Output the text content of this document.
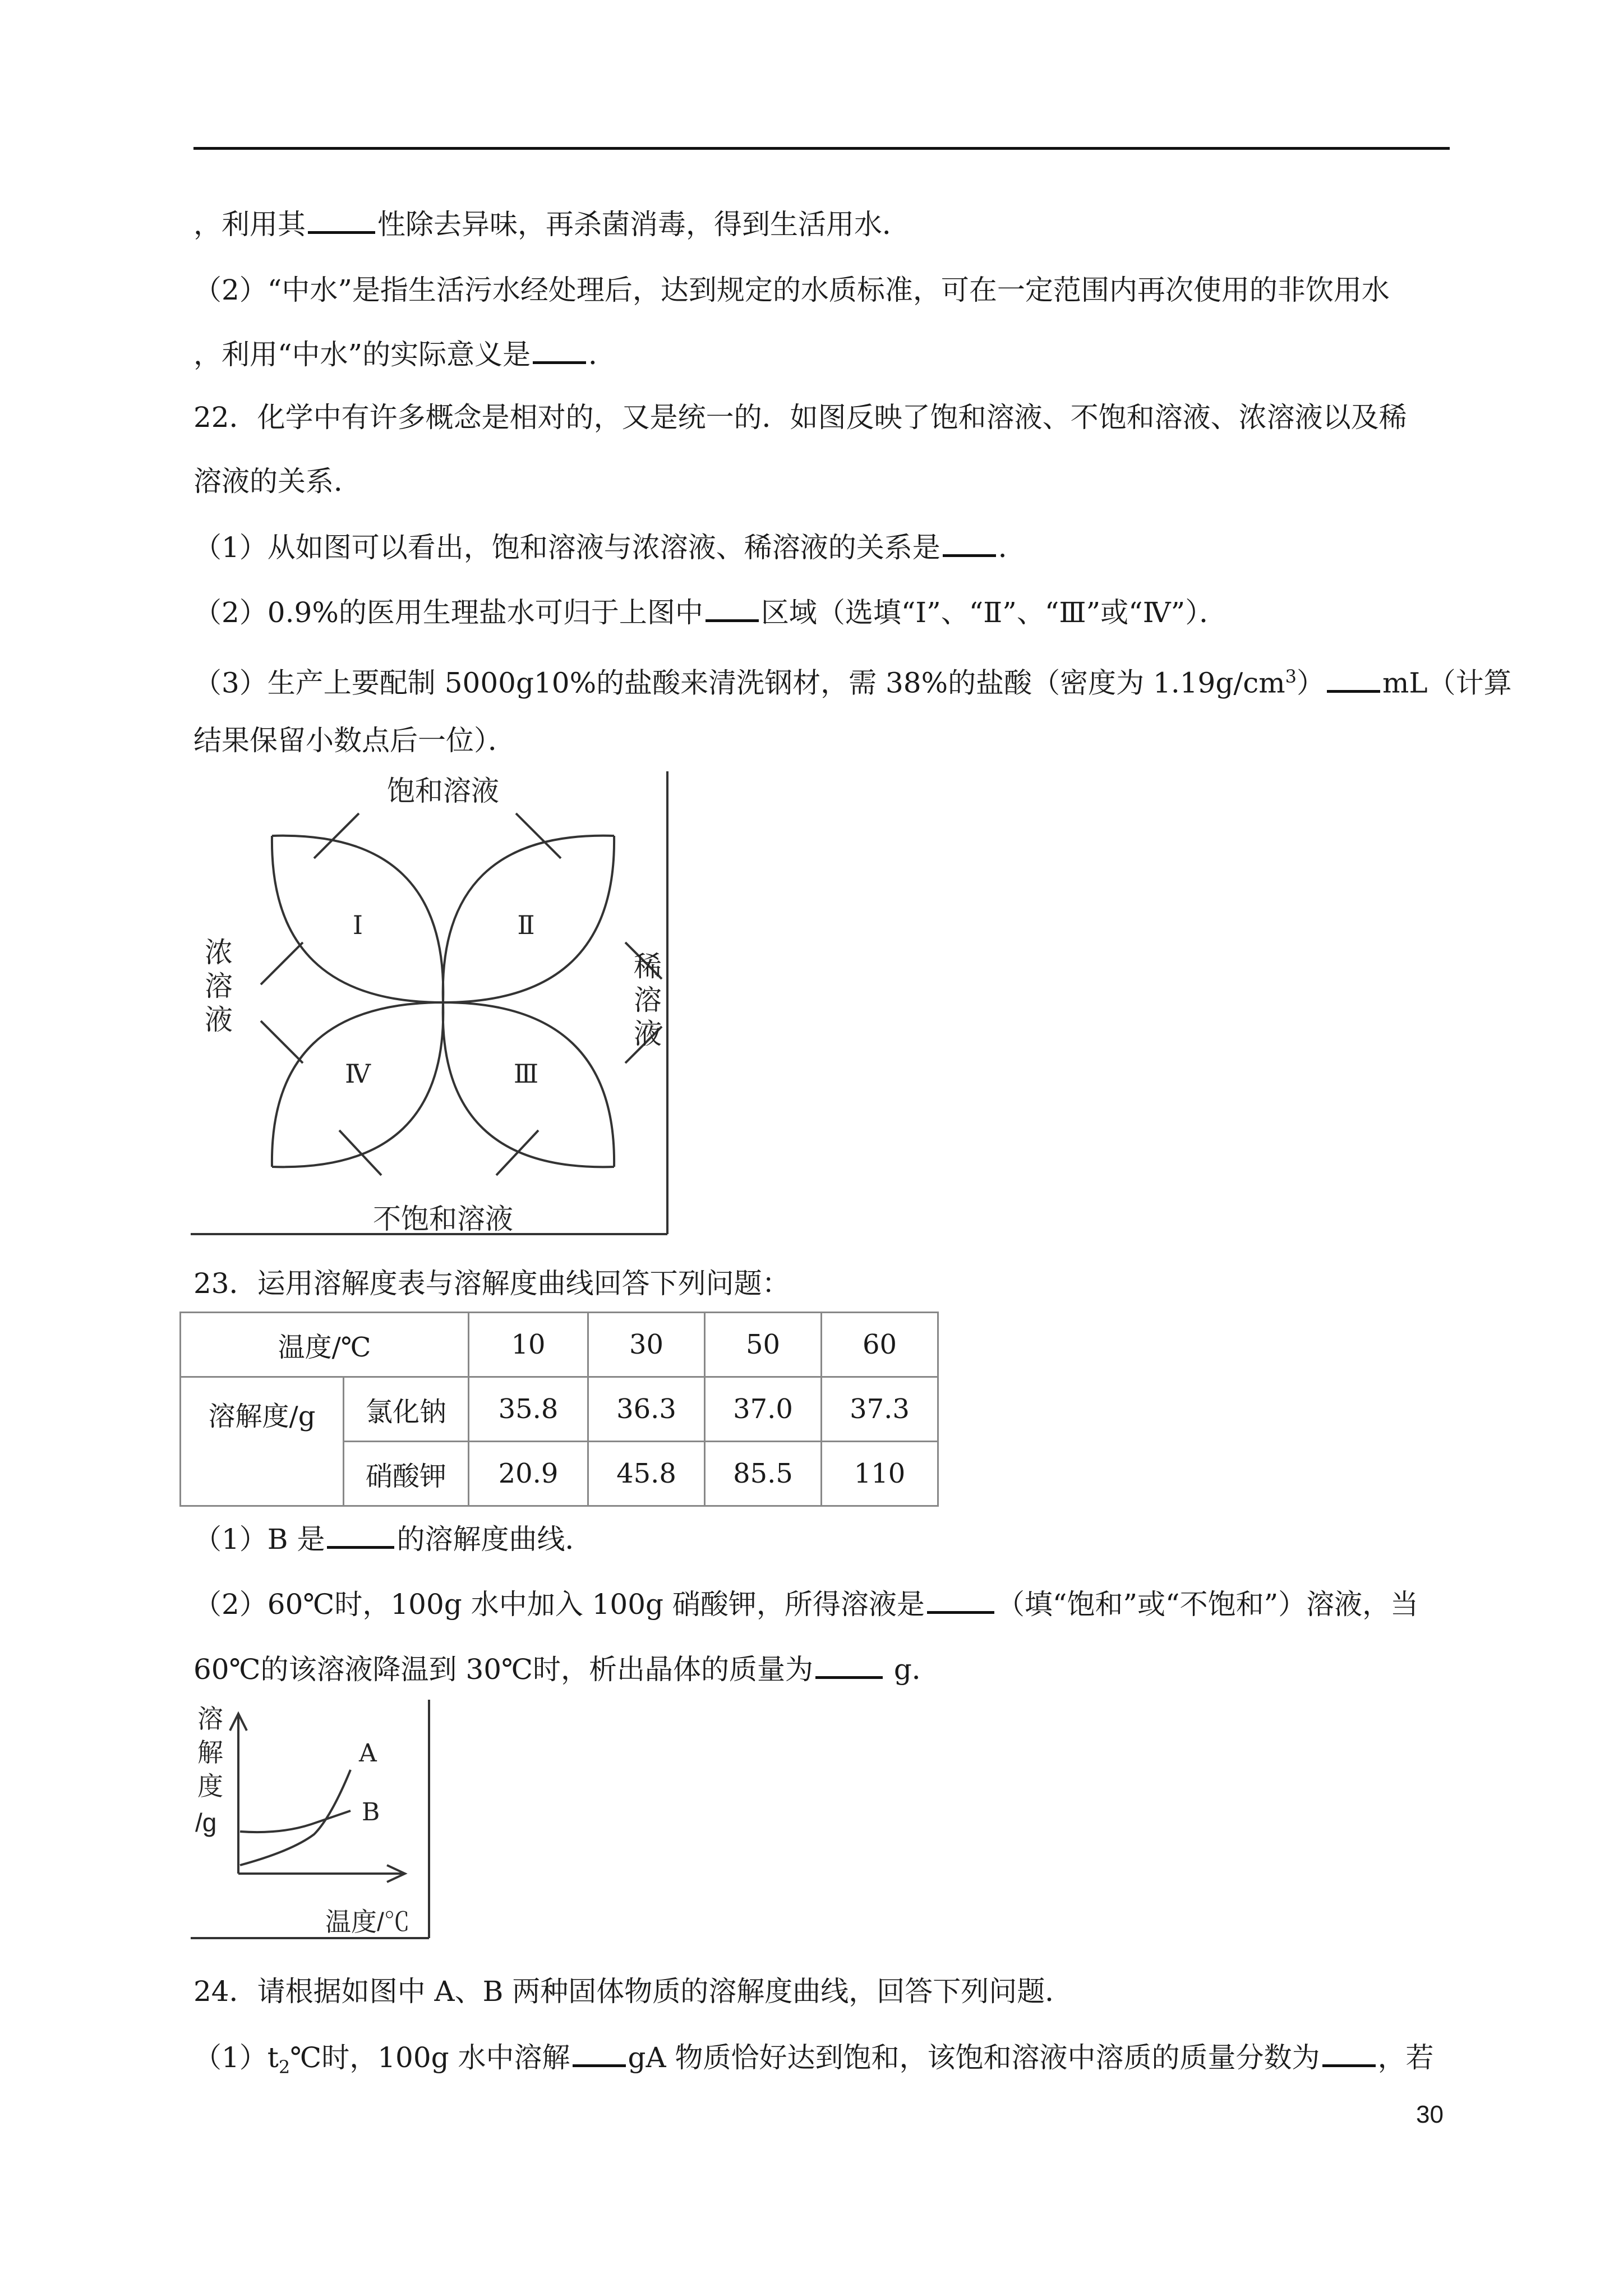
，利用其	性除去异味，再杀菌消毒，得到生活用水．
（2）“中水”是指生活污水经处理后，达到规定的水质标准，可在一定范围内再次使用的非饮用水
，利用“中水”的实际意义是 ．
22．化学中有许多概念是相对的，又是统一的．如图反映了饱和溶液、不饱和溶液、浓溶液以及稀
溶液的关系．
（1）从如图可以看出，饱和溶液与浓溶液、稀溶液的关系是 ．
（2）0.9%的医用生理盐水可归于上图中 区域（选填“Ⅰ”、“Ⅱ”、“Ⅲ”或“Ⅳ”）．
（3）生产上要配制 5000g10%的盐酸来清洗钢材，需 38%的盐酸（密度为 $1.19g/cm^3$） mL（计算
结果保留小数点后一位）．
饱和溶液
不饱和溶液
浓
溶
液
稀
溶
液
Ⅰ	Ⅱ
Ⅲ
Ⅳ
23．运用溶解度表与溶解度曲线回答下列问题：
温度/℃		10	30	50	60
溶解度/g	氯化钠	35.8	36.3	37.0	37.3
	硝酸钾	20.9	45.8	85.5	110
（1）B 是	的溶解度曲线．
（2）60℃时，100g 水中加入 100g 硝酸钾，所得溶液是	（填“饱和”或“不饱和”）溶液，当
60℃的该溶液降温到 30℃时，析出晶体的质量为	g．
溶
解
度
/g
温度/℃
A
B
24．请根据如图中 A、B 两种固体物质的溶解度曲线，回答下列问题．
$(1)t_2℃$时，100g 水中溶解 gA 物质恰好达到饱和，该饱和溶液中溶质的质量分数为 ，若
30
